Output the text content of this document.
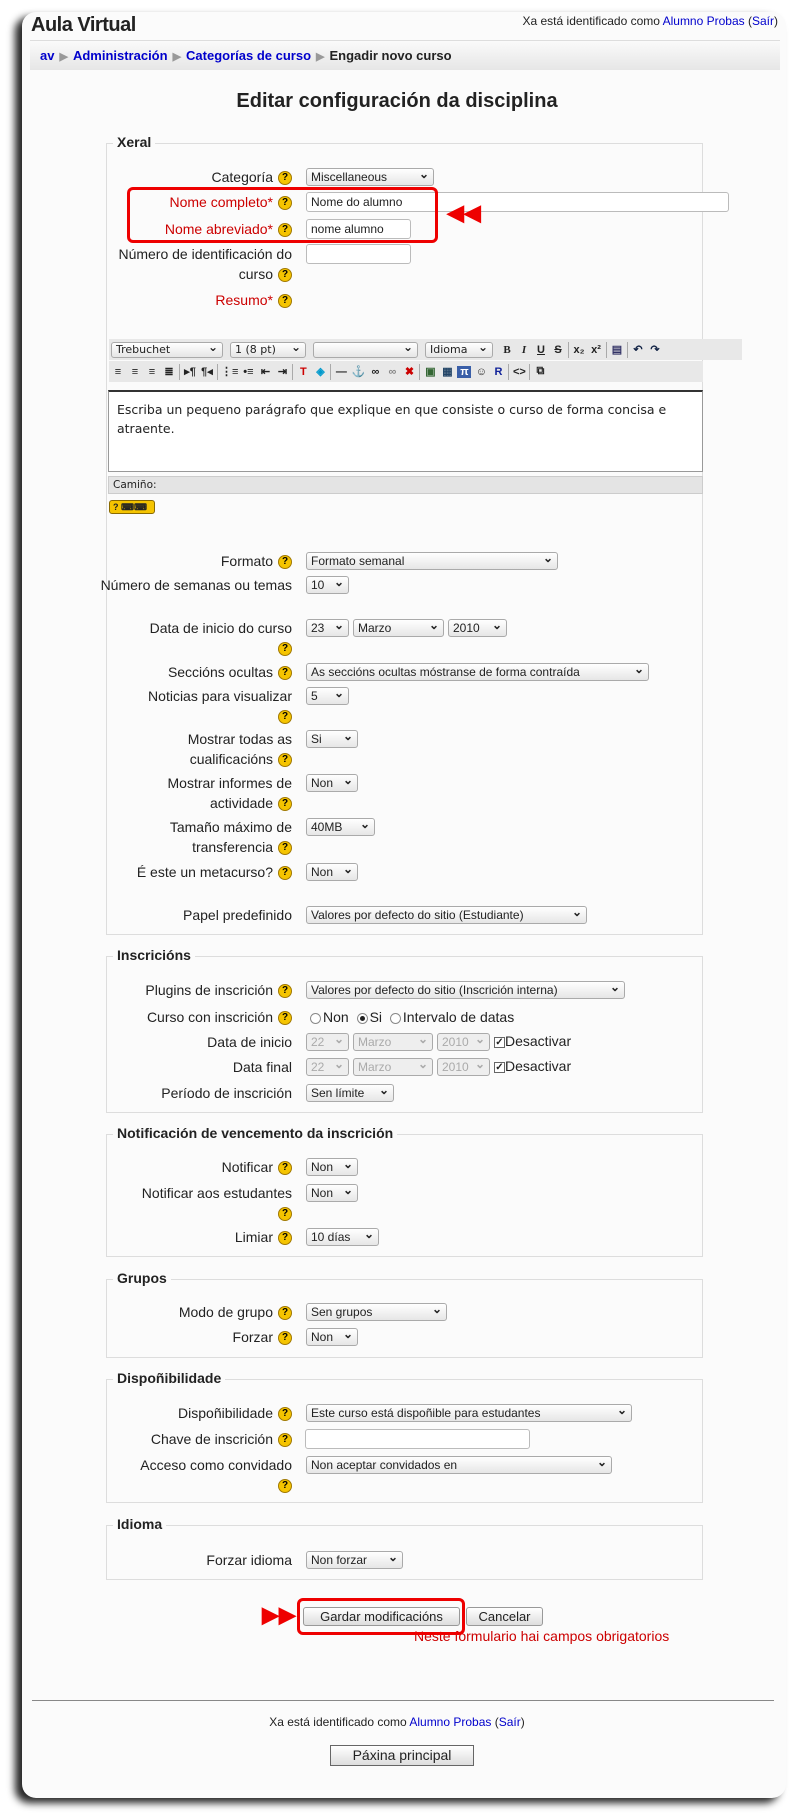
Aula Virtual	Xa está identificado como Alumno Probas (Saír)
av ▶ Administración ▶ Categorías de curso ▶ Engadir novo curso
Editar configuración da disciplina
Xeral
Inscricións
Notificación de vencemento da inscrición
Grupos
Dispoñibilidade
Idioma
Categoría ?	Miscellaneous ⌄
Nome completo* ?	Nome do alumno
Nome abreviado* ?	nome alumno
Número de identificación do curso ?
Resumo* ?
Trebuchet ⌄	1 (8 pt) ⌄ ⌄	Idioma ⌄	B	I U S	x₂ x² ▤ ↶ ↷
≡ ≡ ≡ ≣ ▸¶ ¶◂ ⋮≡ •≡ ⇤ ⇥	T ◈ — ⚓ ∞ ∞ ✖ ▣ ▦ π ☺ R <> ⧉
Escriba un pequeno parágrafo que explique en que consiste o curso de forma concisa e atraente.
Camiño:
? ⌨⌨
Formato ?	Formato semanal ⌄
Número de semanas ou temas	10 ⌄
Data de inicio do curso
?
23 ⌄	Marzo ⌄	2010 ⌄
Seccións ocultas ?	As seccións ocultas móstranse de forma contraída ⌄
Noticias para visualizar
?
5 ⌄
Mostrar todas as cualificacións ?
Si ⌄
Mostrar informes de actividade ?
Non ⌄
Tamaño máximo de transferencia ?
40MB ⌄
É este un metacurso? ?	Non ⌄
Papel predefinido	Valores por defecto do sitio (Estudiante) ⌄
Plugins de inscrición ?	Valores por defecto do sitio (Inscrición interna) ⌄
Curso con inscrición ?	Non Si Intervalo de datas
Data de inicio	22 ⌄	Marzo ⌄	2010 ⌄	✓Desactivar
Data final	22 ⌄	Marzo ⌄	2010 ⌄	✓Desactivar
Período de inscrición	Sen límite ⌄
Notificar ?	Non ⌄
Notificar aos estudantes
?
Non ⌄
Limiar ?	10 días ⌄
Modo de grupo ?	Sen grupos ⌄
Forzar ?	Non ⌄
Dispoñibilidade ?	Este curso está dispoñible para estudantes ⌄
Chave de inscrición ?
Acceso como convidado
?
Non aceptar convidados en ⌄
Forzar idioma	Non forzar ⌄
Gardar modificacións	Cancelar
Neste formulario hai campos obrigatorios
◀◀
▶▶
Xa está identificado como Alumno Probas (Saír)
Páxina principal
